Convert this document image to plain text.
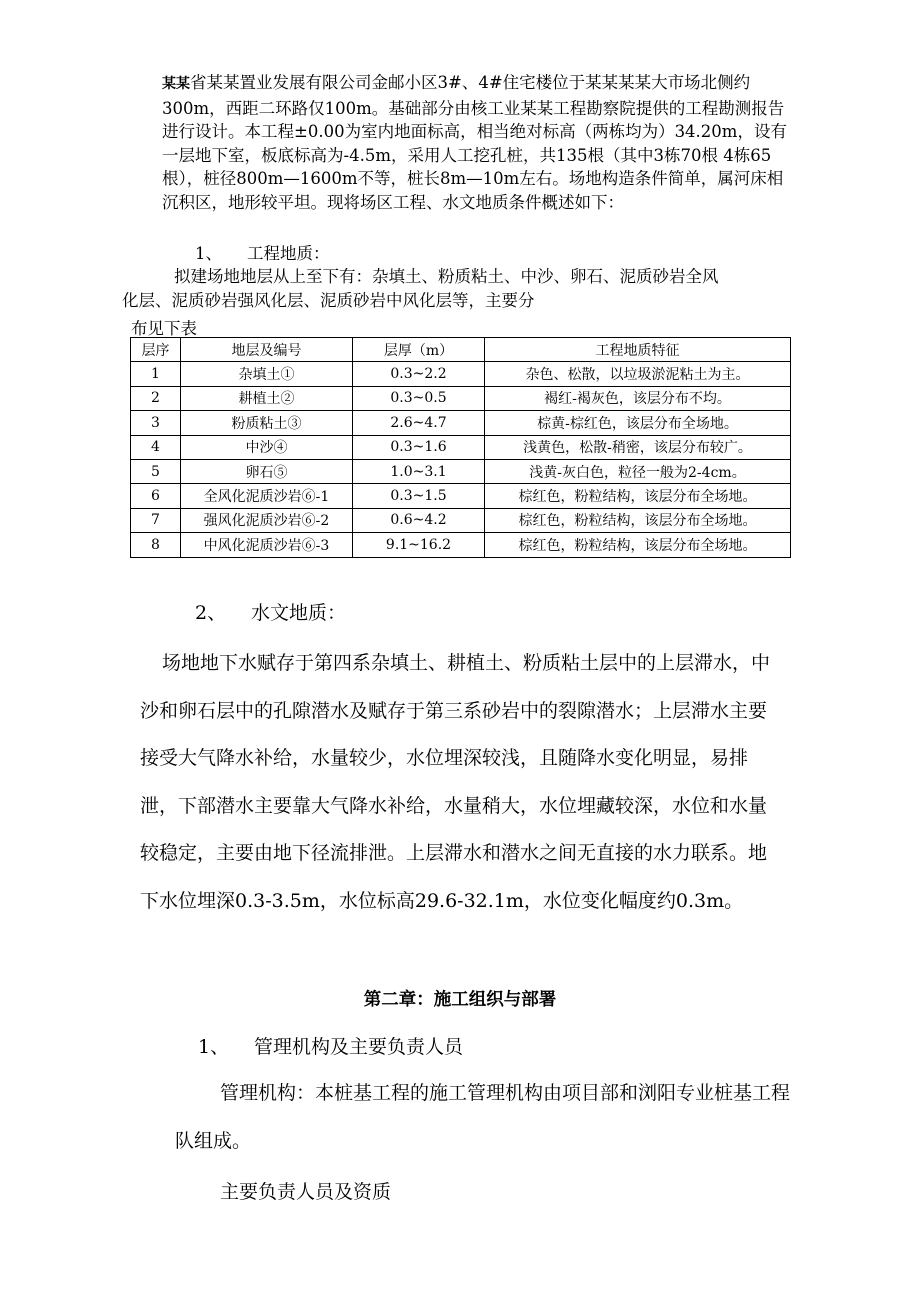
某某省某某置业发展有限公司金邮小区3#、4#住宅楼位于某某某某大市场北侧约300m，西距二环路仅100m。基础部分由核工业某某工程勘察院提供的工程勘测报告进行设计。本工程±0.00为室内地面标高，相当绝对标高（两栋均为）34.20m，设有一层地下室，板底标高为-4.5m，采用人工挖孔桩，共135根（其中3栋70根 4栋65根），桩径800m—1600m不等，桩长8m—10m左右。场地构造条件简单，属河床相沉积区，地形较平坦。现将场区工程、水文地质条件概述如下：

1、 工程地质：
拟建场地地层从上至下有：杂填土、粉质粘土、中沙、卵石、泥质砂岩全风
化层、泥质砂岩强风化层、泥质砂岩中风化层等，主要分
布见下表
层序	地层及编号	层厚（m）	工程地质特征
1	杂填土①	0.3~2.2	杂色、松散，以垃圾淤泥粘土为主。
2	耕植土②	0.3~0.5	褐红-褐灰色，该层分布不均。
3	粉质粘土③	2.6~4.7	棕黄-棕红色，该层分布全场地。
4	中沙④	0.3~1.6	浅黄色，松散-稍密，该层分布较广。
5	卵石⑤	1.0~3.1	浅黄-灰白色，粒径一般为2-4cm。
6	全风化泥质沙岩⑥-1	0.3~1.5	棕红色，粉粒结构，该层分布全场地。
7	强风化泥质沙岩⑥-2	0.6~4.2	棕红色，粉粒结构，该层分布全场地。
8	中风化泥质沙岩⑥-3	9.1~16.2	棕红色，粉粒结构，该层分布全场地。
2、 水文地质：

场地地下水赋存于第四系杂填土、耕植土、粉质粘土层中的上层滞水，中沙和卵石层中的孔隙潜水及赋存于第三系砂岩中的裂隙潜水；上层滞水主要接受大气降水补给，水量较少，水位埋深较浅，且随降水变化明显，易排泄，下部潜水主要靠大气降水补给，水量稍大，水位埋藏较深，水位和水量较稳定，主要由地下径流排泄。上层滞水和潜水之间无直接的水力联系。地下水位埋深0.3-3.5m，水位标高29.6-32.1m，水位变化幅度约0.3m。

第二章：施工组织与部署
1、 管理机构及主要负责人员

管理机构：本桩基工程的施工管理机构由项目部和浏阳专业桩基工程队组成。

主要负责人员及资质
